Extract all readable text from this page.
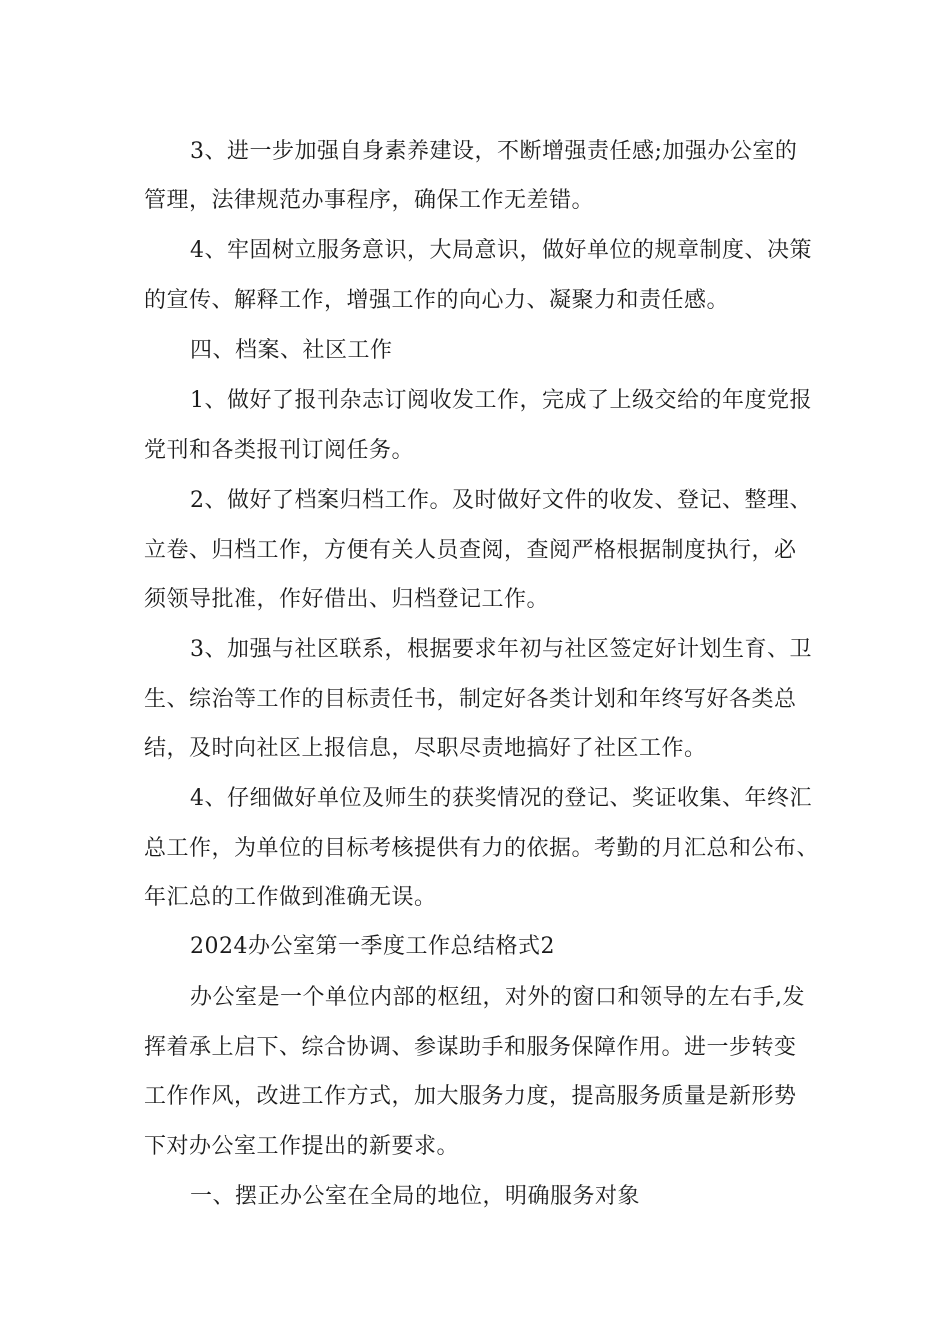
3、进一步加强自身素养建设，不断增强责任感;加强办公室的
管理，法律规范办事程序，确保工作无差错。
4、牢固树立服务意识，大局意识，做好单位的规章制度、决策
的宣传、解释工作，增强工作的向心力、凝聚力和责任感。
四、档案、社区工作
1、做好了报刊杂志订阅收发工作，完成了上级交给的年度党报
党刊和各类报刊订阅任务。
2、做好了档案归档工作。及时做好文件的收发、登记、整理、
立卷、归档工作，方便有关人员查阅，查阅严格根据制度执行，必
须领导批准，作好借出、归档登记工作。
3、加强与社区联系，根据要求年初与社区签定好计划生育、卫
生、综治等工作的目标责任书，制定好各类计划和年终写好各类总
结，及时向社区上报信息，尽职尽责地搞好了社区工作。
4、仔细做好单位及师生的获奖情况的登记、奖证收集、年终汇
总工作，为单位的目标考核提供有力的依据。考勤的月汇总和公布、
年汇总的工作做到准确无误。
2024办公室第一季度工作总结格式2
办公室是一个单位内部的枢纽，对外的窗口和领导的左右手,发
挥着承上启下、综合协调、参谋助手和服务保障作用。进一步转变
工作作风，改进工作方式，加大服务力度，提高服务质量是新形势
下对办公室工作提出的新要求。
一、摆正办公室在全局的地位，明确服务对象
